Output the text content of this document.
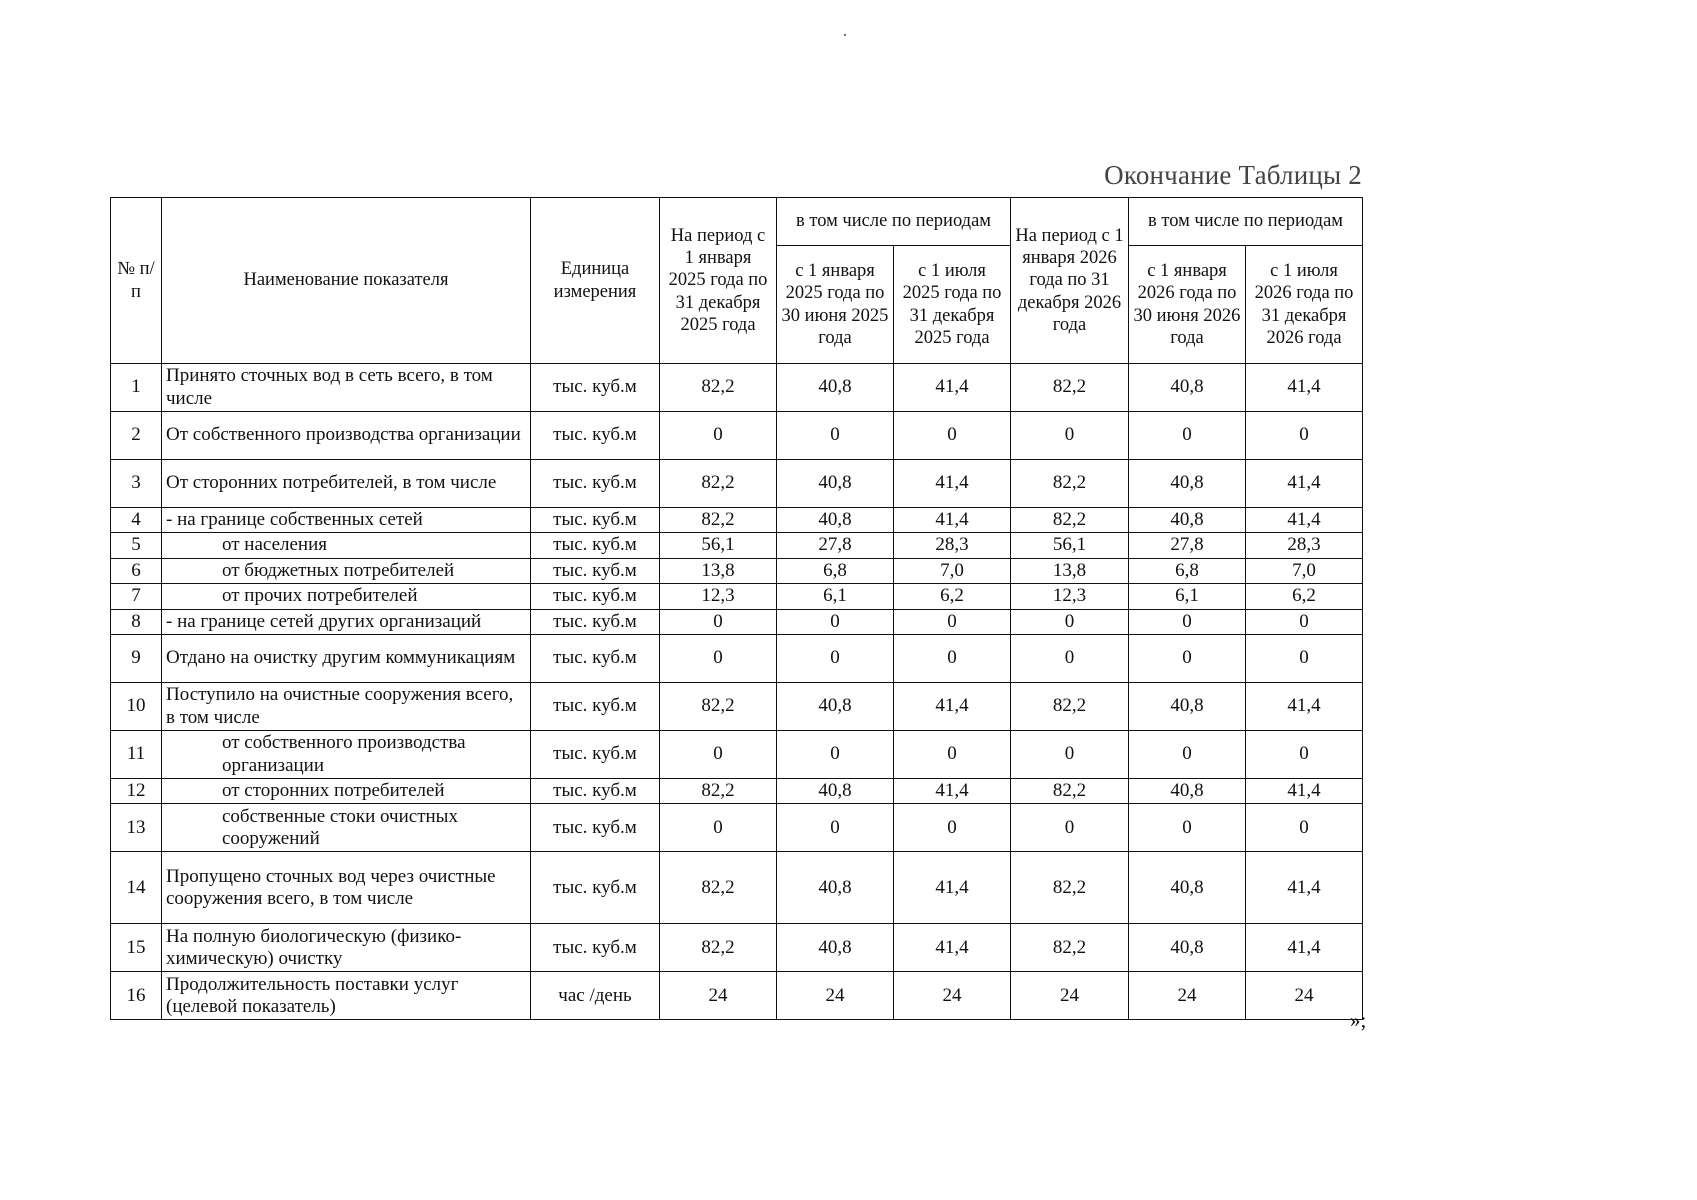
Окончание Таблицы 2
№ п/п	Наименование показателя	Единица измерения	На период с 1 января 2025 года по 31 декабря 2025 года	в том числе по периодам		На период с 1 января 2026 года по 31 декабря 2026 года	в том числе по периодам	
				с 1 января 2025 года по 30 июня 2025 года	с 1 июля 2025 года по 31 декабря 2025 года		с 1 января 2026 года по 30 июня 2026 года	с 1 июля 2026 года по 31 декабря 2026 года
1	Принято сточных вод в сеть всего, в том числе	тыс. куб.м	82,2	40,8	41,4	82,2	40,8	41,4
2	От собственного производства организации	тыс. куб.м	0	0	0	0	0	0
3	От сторонних потребителей, в том числе	тыс. куб.м	82,2	40,8	41,4	82,2	40,8	41,4
4	- на границе собственных сетей	тыс. куб.м	82,2	40,8	41,4	82,2	40,8	41,4
5	от населения	тыс. куб.м	56,1	27,8	28,3	56,1	27,8	28,3
6	от бюджетных потребителей	тыс. куб.м	13,8	6,8	7,0	13,8	6,8	7,0
7	от прочих потребителей	тыс. куб.м	12,3	6,1	6,2	12,3	6,1	6,2
8	- на границе сетей других организаций	тыс. куб.м	0	0	0	0	0	0
9	Отдано на очистку другим коммуникациям	тыс. куб.м	0	0	0	0	0	0
10	Поступило на очистные сооружения всего, в том числе	тыс. куб.м	82,2	40,8	41,4	82,2	40,8	41,4
11	от собственного производства организации	тыс. куб.м	0	0	0	0	0	0
12	от сторонних потребителей	тыс. куб.м	82,2	40,8	41,4	82,2	40,8	41,4
13	собственные стоки очистных сооружений	тыс. куб.м	0	0	0	0	0	0
14	Пропущено сточных вод через очистные сооружения всего, в том числе	тыс. куб.м	82,2	40,8	41,4	82,2	40,8	41,4
15	На полную биологическую (физико-химическую) очистку	тыс. куб.м	82,2	40,8	41,4	82,2	40,8	41,4
16	Продолжительность поставки услуг (целевой показатель)	час /день	24	24	24	24	24	24
»;
